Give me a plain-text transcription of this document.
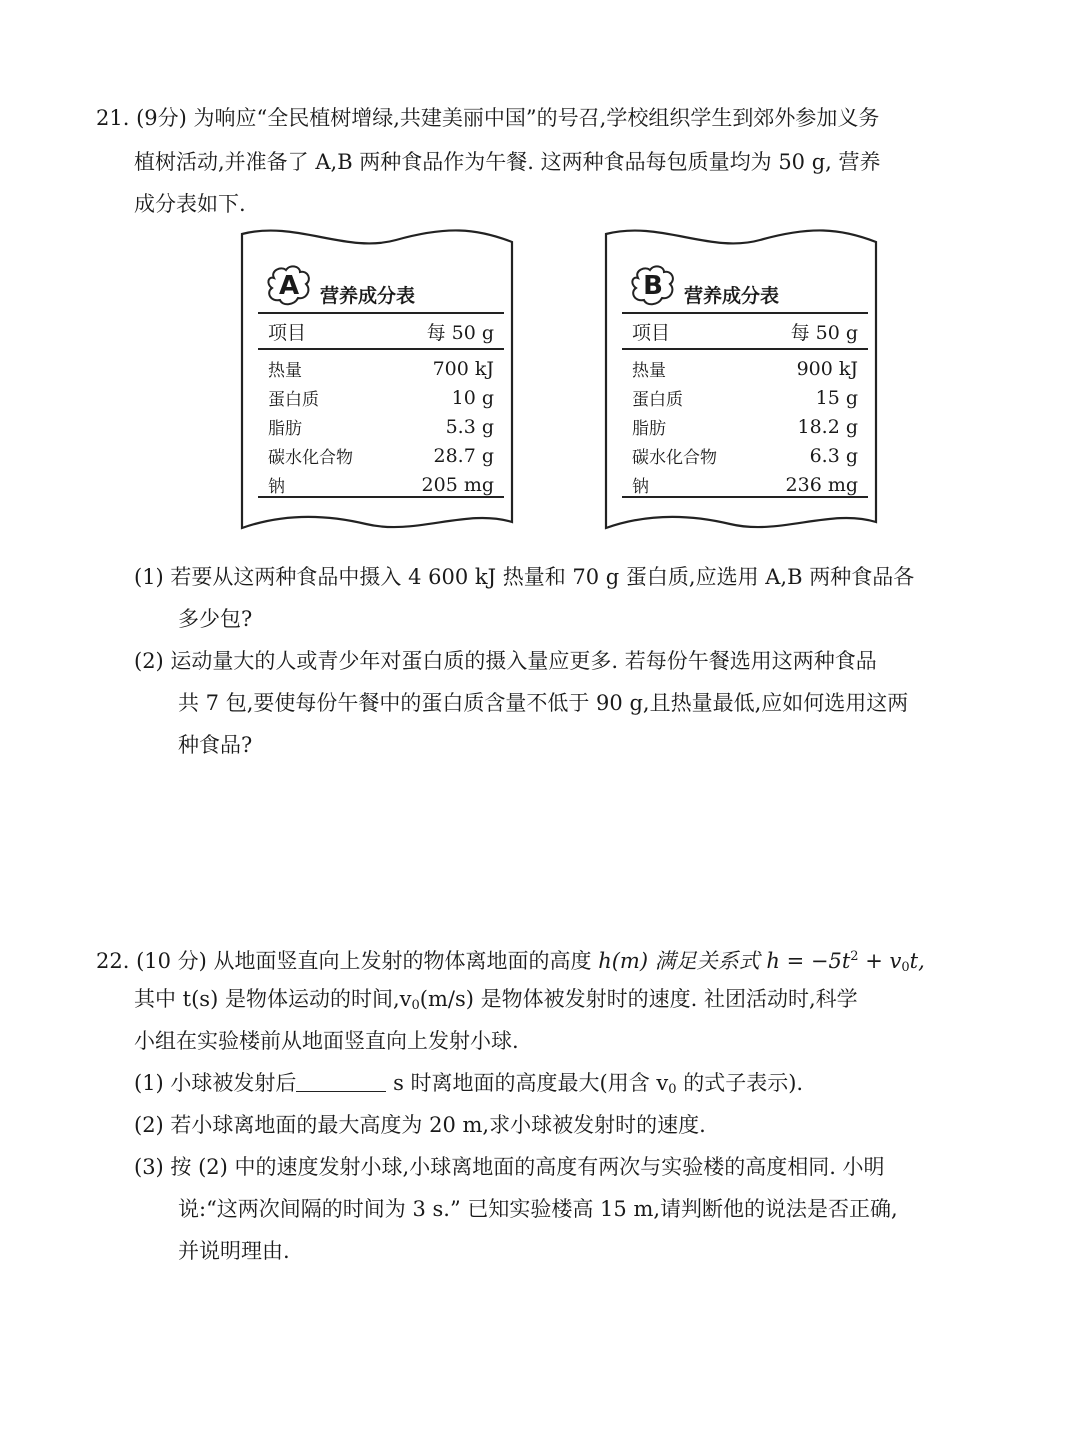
21. (9分) 为响应“全民植树增绿,共建美丽中国”的号召,学校组织学生到郊外参加义务
植树活动,并准备了 A,B 两种食品作为午餐. 这两种食品每包质量均为 50 g, 营养
成分表如下.
A	营养成分表
项目	每 50 g
热量	700 kJ
蛋白质	10 g
脂肪	5.3 g
碳水化合物	28.7 g
钠	205 mg
B	营养成分表
项目	每 50 g
热量	900 kJ
蛋白质	15 g
脂肪	18.2 g
碳水化合物	6.3 g
钠	236 mg
(1) 若要从这两种食品中摄入 4 600 kJ 热量和 70 g 蛋白质,应选用 A,B 两种食品各
多少包?
(2) 运动量大的人或青少年对蛋白质的摄入量应更多. 若每份午餐选用这两种食品
共 7 包,要使每份午餐中的蛋白质含量不低于 90 g,且热量最低,应如何选用这两
种食品?
22. (10 分) 从地面竖直向上发射的物体离地面的高度 h(m) 满足关系式 $h = -5t^2 + v_0t$,
其中 t(s) 是物体运动的时间$,v_0(m/s)$ 是物体被发射时的速度. 社团活动时,科学
小组在实验楼前从地面竖直向上发射小球.
(1) 小球被发射后	s 时离地面的高度最大(用含 $v_0$ 的式子表示).
(2) 若小球离地面的最大高度为 20 m,求小球被发射时的速度.
(3) 按 (2) 中的速度发射小球,小球离地面的高度有两次与实验楼的高度相同. 小明
说:“这两次间隔的时间为 3 s.” 已知实验楼高 15 m,请判断他的说法是否正确,
并说明理由.
